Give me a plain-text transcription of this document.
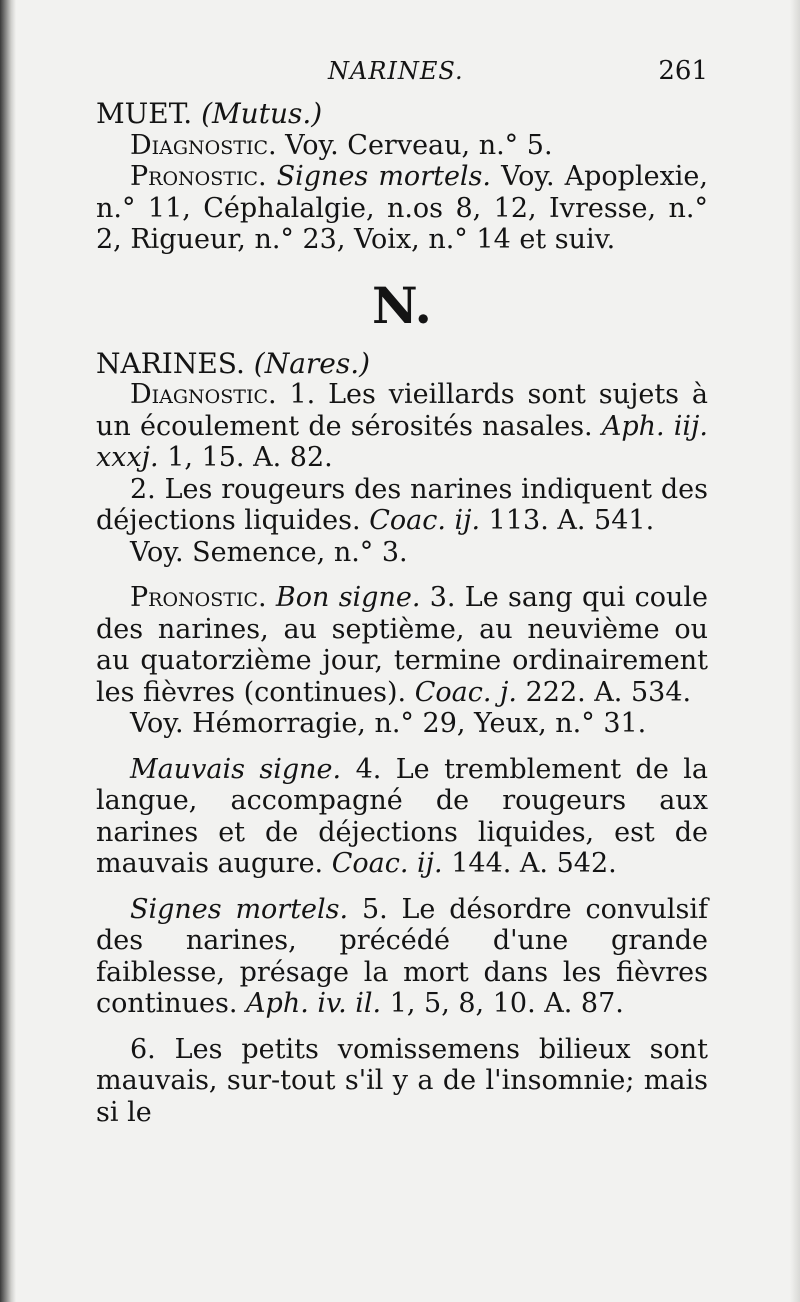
NARINES.	261

MUET. (Mutus.)

Diagnostic. Voy. Cerveau, n.° 5.

Pronostic. Signes mortels. Voy. Apoplexie, n.° 11, Céphalalgie, n.os 8, 12, Ivresse, n.° 2, Rigueur, n.° 23, Voix, n.° 14 et suiv.

N.

NARINES. (Nares.)

Diagnostic. 1. Les vieillards sont sujets à un écoulement de sérosités nasales. Aph. iij. xxxj. 1, 15. A. 82.

2. Les rougeurs des narines indiquent des déjections liquides. Coac. ij. 113. A. 541.

Voy. Semence, n.° 3.

Pronostic. Bon signe. 3. Le sang qui coule des narines, au septième, au neuvième ou au quatorzième jour, termine ordinairement les fièvres (continues). Coac. j. 222. A. 534.

Voy. Hémorragie, n.° 29, Yeux, n.° 31.

Mauvais signe. 4. Le tremblement de la langue, accompagné de rougeurs aux narines et de déjections liquides, est de mauvais augure. Coac. ij. 144. A. 542.

Signes mortels. 5. Le désordre convulsif des narines, précédé d'une grande faiblesse, présage la mort dans les fièvres continues. Aph. iv. il. 1, 5, 8, 10. A. 87.

6. Les petits vomissemens bilieux sont mauvais, sur-tout s'il y a de l'insomnie; mais si le
